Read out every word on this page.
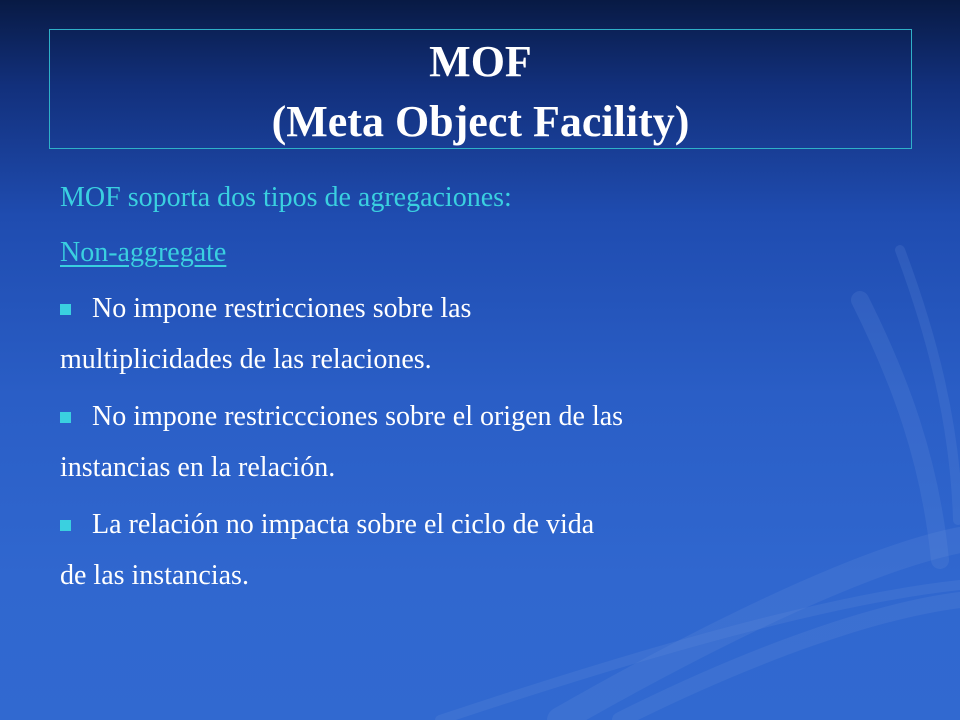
MOF
(Meta Object Facility)
MOF soporta dos tipos de agregaciones:
Non-aggregate
No impone restricciones sobre las
multiplicidades de las relaciones.
No impone restriccciones sobre el origen de las
instancias en la relación.
La relación no impacta sobre el ciclo de vida
de las instancias.
